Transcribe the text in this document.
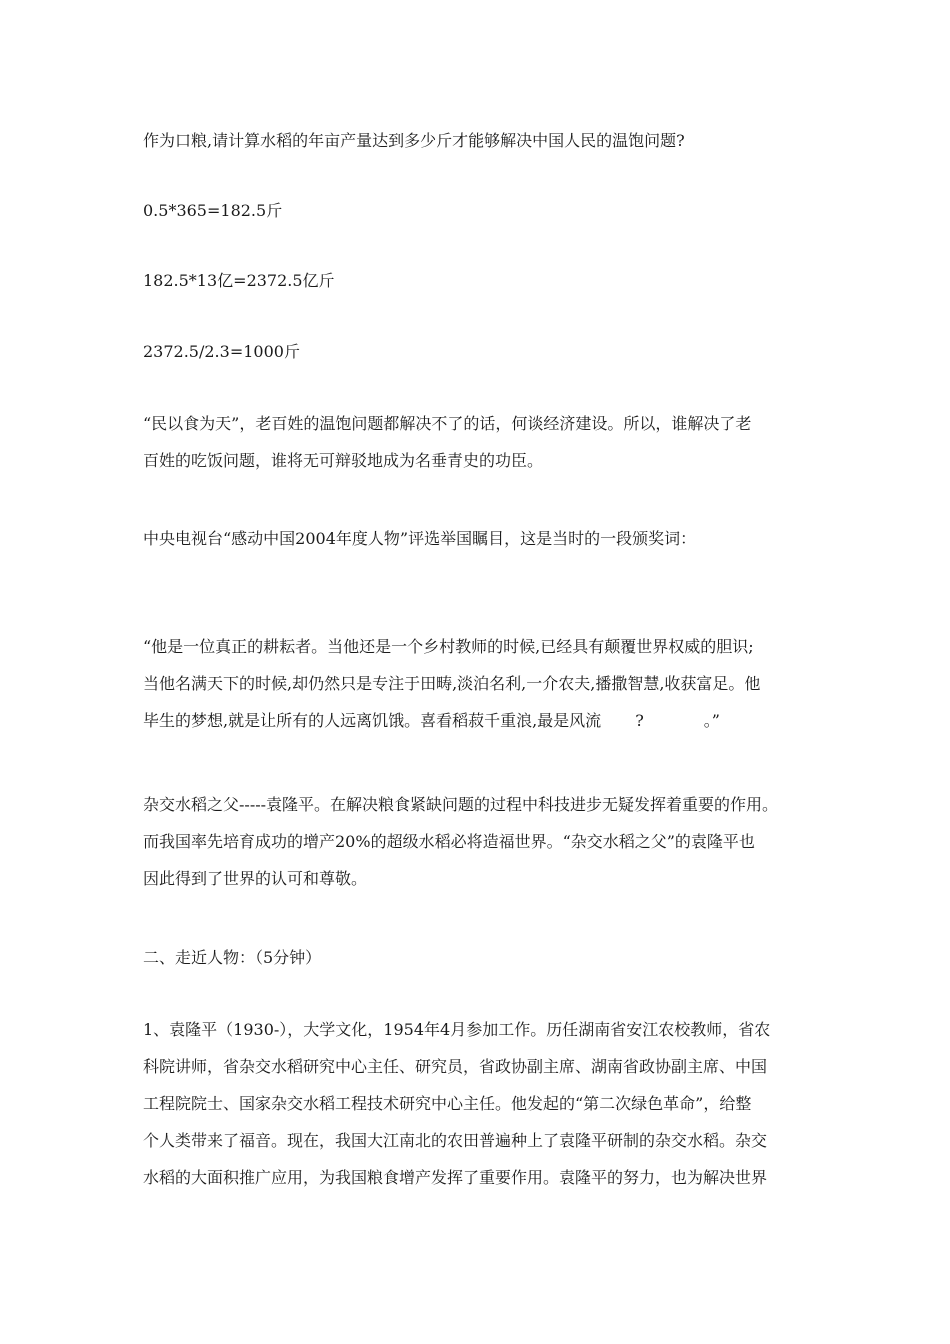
作为口粮,请计算水稻的年亩产量达到多少斤才能够解决中国人民的温饱问题?

0.5*365=182.5斤

182.5*13亿=2372.5亿斤

2372.5/2.3=1000斤

“民以食为天”，老百姓的温饱问题都解决不了的话，何谈经济建设。所以，谁解决了老
百姓的吃饭问题，谁将无可辩驳地成为名垂青史的功臣。

中央电视台“感动中国2004年度人物”评选举国瞩目，这是当时的一段颁奖词：

“他是一位真正的耕耘者。当他还是一个乡村教师的时候,已经具有颠覆世界权威的胆识;
当他名满天下的时候,却仍然只是专注于田畴,淡泊名利,一介农夫,播撒智慧,收获富足。他
毕生的梦想,就是让所有的人远离饥饿。喜看稻菽千重浪,最是风流 ?	。”

杂交水稻之父-----袁隆平。在解决粮食紧缺问题的过程中科技进步无疑发挥着重要的作用。
而我国率先培育成功的增产20%的超级水稻必将造福世界。“杂交水稻之父”的袁隆平也
因此得到了世界的认可和尊敬。

二、走近人物：（5分钟）

1、袁隆平（1930-），大学文化，1954年4月参加工作。历任湖南省安江农校教师，省农
科院讲师，省杂交水稻研究中心主任、研究员，省政协副主席、湖南省政协副主席、中国
工程院院士、国家杂交水稻工程技术研究中心主任。他发起的“第二次绿色革命”，给整
个人类带来了福音。现在，我国大江南北的农田普遍种上了袁隆平研制的杂交水稻。杂交
水稻的大面积推广应用，为我国粮食增产发挥了重要作用。袁隆平的努力，也为解决世界
